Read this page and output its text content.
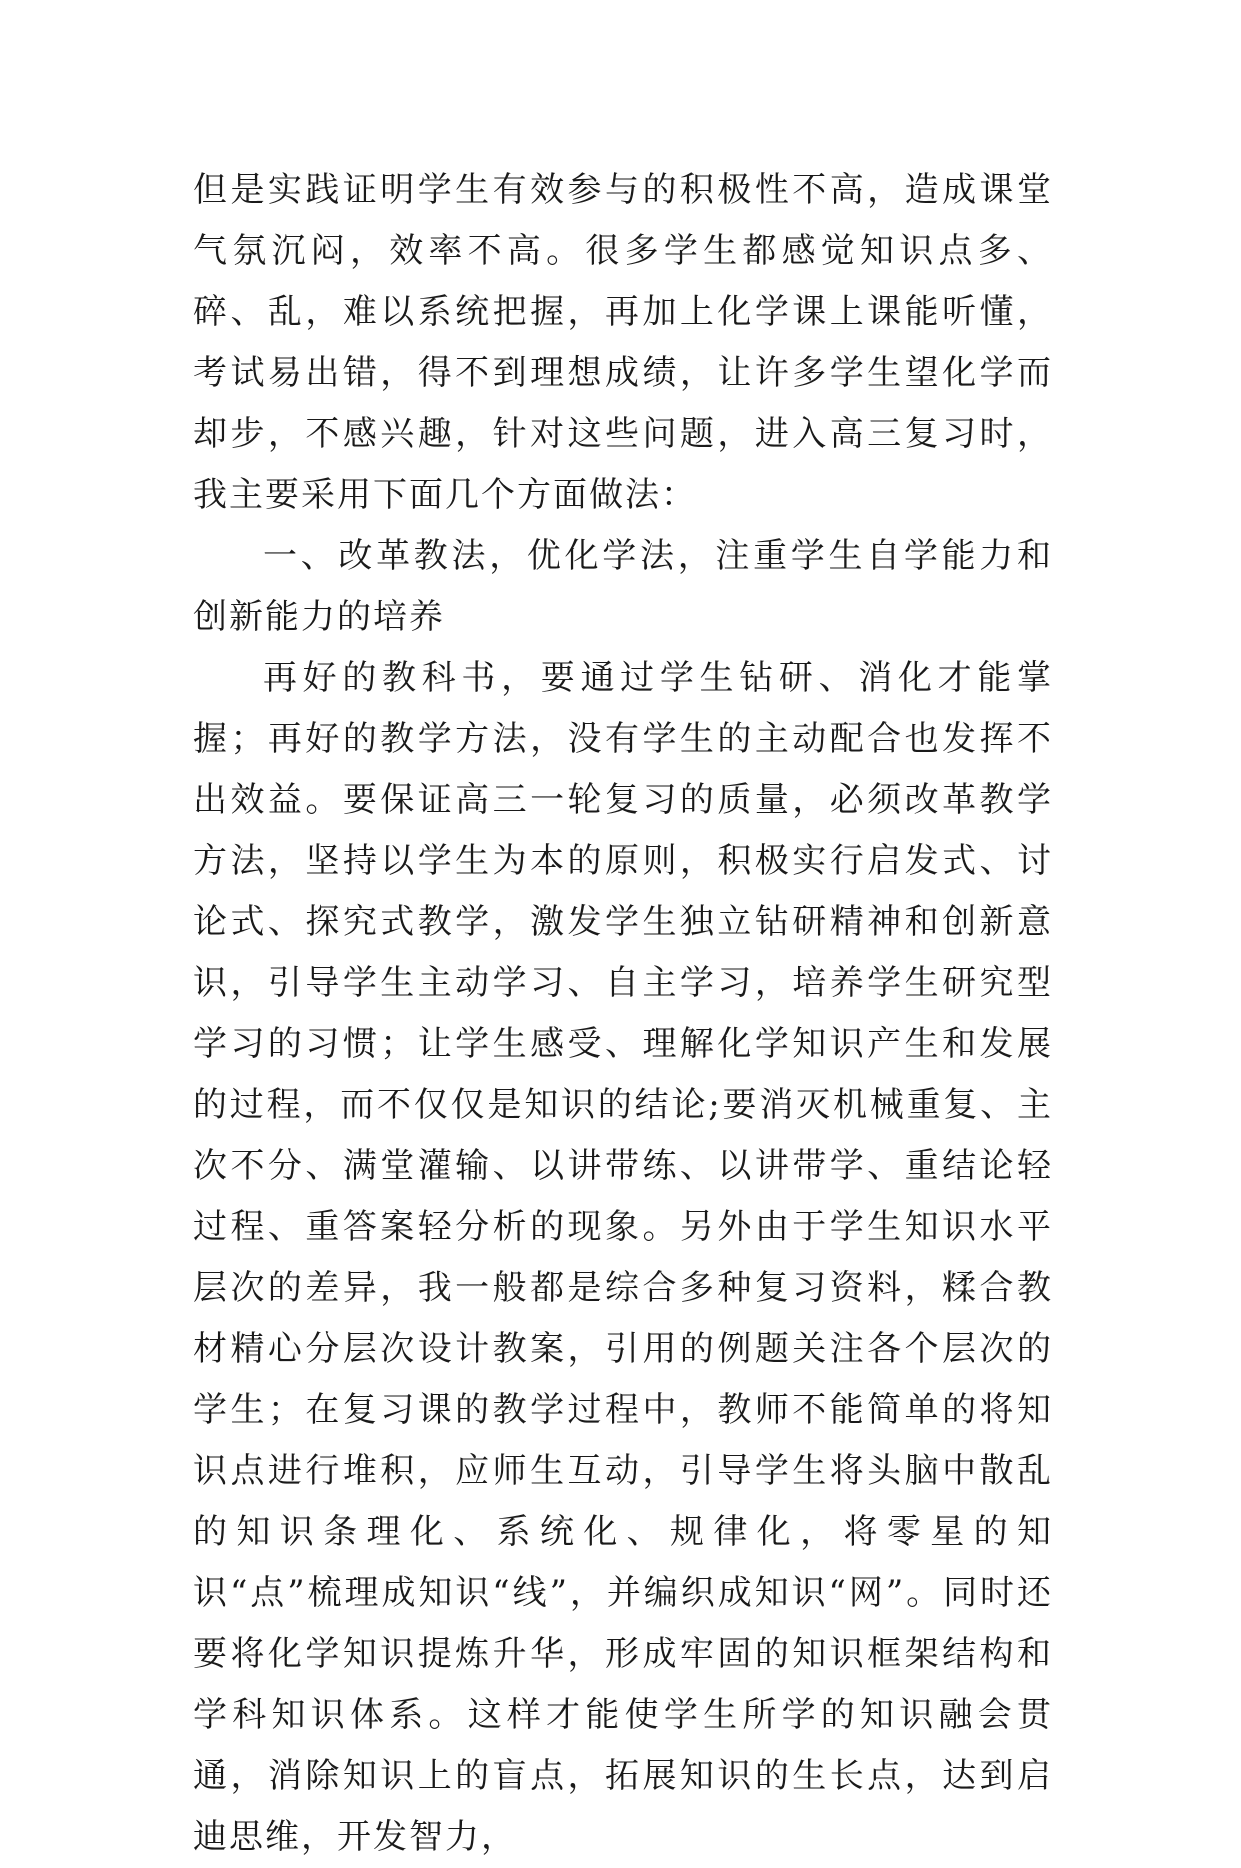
但是实践证明学生有效参与的积极性不高，造成课堂气氛沉闷，效率不高。很多学生都感觉知识点多、碎、乱，难以系统把握，再加上化学课上课能听懂，考试易出错，得不到理想成绩，让许多学生望化学而却步，不感兴趣，针对这些问题，进入高三复习时，我主要采用下面几个方面做法：

一、改革教法，优化学法，注重学生自学能力和创新能力的培养

再好的教科书，要通过学生钻研、消化才能掌握；再好的教学方法，没有学生的主动配合也发挥不出效益。要保证高三一轮复习的质量，必须改革教学方法，坚持以学生为本的原则，积极实行启发式、讨论式、探究式教学，激发学生独立钻研精神和创新意识，引导学生主动学习、自主学习，培养学生研究型学习的习惯；让学生感受、理解化学知识产生和发展的过程，而不仅仅是知识的结论;要消灭机械重复、主次不分、满堂灌输、以讲带练、以讲带学、重结论轻过程、重答案轻分析的现象。另外由于学生知识水平层次的差异，我一般都是综合多种复习资料，糅合教材精心分层次设计教案，引用的例题关注各个层次的学生；在复习课的教学过程中，教师不能简单的将知识点进行堆积，应师生互动，引导学生将头脑中散乱的知识条理化、系统化、规律化，将零星的知识“点”梳理成知识“线”，并编织成知识“网”。同时还要将化学知识提炼升华，形成牢固的知识框架结构和学科知识体系。这样才能使学生所学的知识融会贯通，消除知识上的盲点，拓展知识的生长点，达到启迪思维，开发智力，
